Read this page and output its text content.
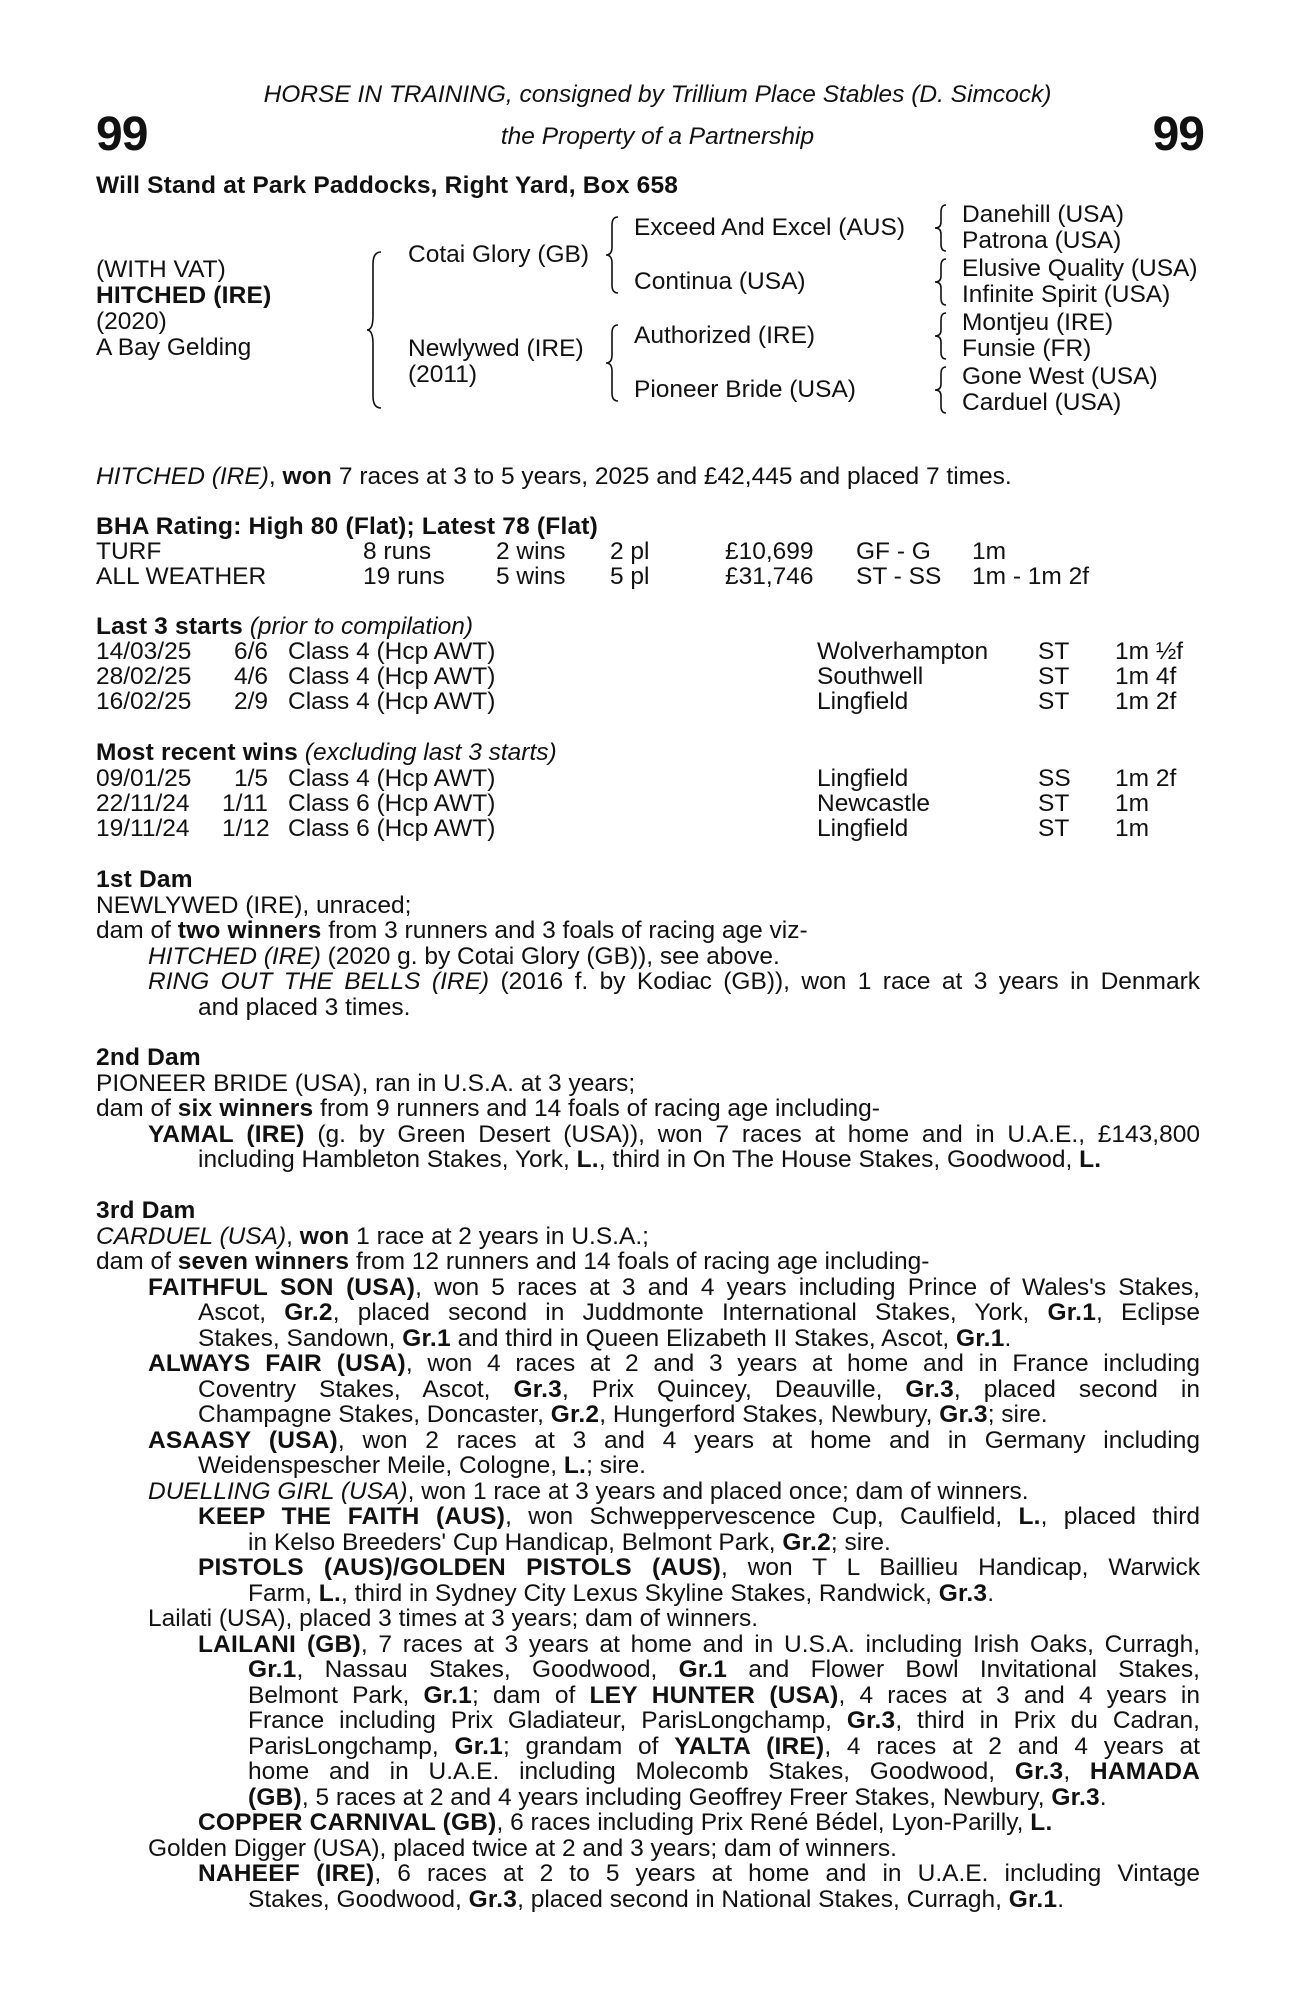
99	99
HORSE IN TRAINING, consigned by Trillium Place Stables (D. Simcock)
the Property of a Partnership
Will Stand at Park Paddocks, Right Yard, Box 658
(WITH VAT)
HITCHED (IRE)
(2020)
A Bay Gelding
Cotai Glory (GB)
Newlywed (IRE)
(2011)
Exceed And Excel (AUS)
Continua (USA)
Authorized (IRE)
Pioneer Bride (USA)
Danehill (USA)
Patrona (USA)
Elusive Quality (USA)
Infinite Spirit (USA)
Montjeu (IRE)
Funsie (FR)
Gone West (USA)
Carduel (USA)
HITCHED (IRE), won 7 races at 3 to 5 years, 2025 and £42,445 and placed 7 times.
BHA Rating: High 80 (Flat); Latest 78 (Flat)
TURF	8 runs	2 wins 2 pl	£10,699 GF - G 1m
ALL WEATHER	19 runs 5 wins 5 pl	£31,746 ST - SS 1m - 1m 2f
Last 3 starts (prior to compilation)
14/03/25 6/6 Class 4 (Hcp AWT)	Wolverhampton ST 1m ½f
28/02/25 4/6 Class 4 (Hcp AWT)	Southwell	ST 1m 4f
16/02/25 2/9 Class 4 (Hcp AWT)	Lingfield	ST 1m 2f
Most recent wins (excluding last 3 starts)
09/01/25 1/5 Class 4 (Hcp AWT)	Lingfield	SS 1m 2f
22/11/24 1/11 Class 6 (Hcp AWT)	Newcastle	ST 1m
19/11/24 1/12 Class 6 (Hcp AWT)	Lingfield	ST 1m
1st Dam
NEWLYWED (IRE), unraced;
dam of two winners from 3 runners and 3 foals of racing age viz-
HITCHED (IRE) (2020 g. by Cotai Glory (GB)), see above.
RING OUT THE BELLS (IRE) (2016 f. by Kodiac (GB)), won 1 race at 3 years in Denmark
and placed 3 times.
2nd Dam
PIONEER BRIDE (USA), ran in U.S.A. at 3 years;
dam of six winners from 9 runners and 14 foals of racing age including-
YAMAL (IRE) (g. by Green Desert (USA)), won 7 races at home and in U.A.E., £143,800
including Hambleton Stakes, York, L., third in On The House Stakes, Goodwood, L.
3rd Dam
CARDUEL (USA), won 1 race at 2 years in U.S.A.;
dam of seven winners from 12 runners and 14 foals of racing age including-
FAITHFUL SON (USA), won 5 races at 3 and 4 years including Prince of Wales's Stakes,
Ascot, Gr.2, placed second in Juddmonte International Stakes, York, Gr.1, Eclipse
Stakes, Sandown, Gr.1 and third in Queen Elizabeth II Stakes, Ascot, Gr.1.
ALWAYS FAIR (USA), won 4 races at 2 and 3 years at home and in France including
Coventry Stakes, Ascot, Gr.3, Prix Quincey, Deauville, Gr.3, placed second in
Champagne Stakes, Doncaster, Gr.2, Hungerford Stakes, Newbury, Gr.3; sire.
ASAASY (USA), won 2 races at 3 and 4 years at home and in Germany including
Weidenspescher Meile, Cologne, L.; sire.
DUELLING GIRL (USA), won 1 race at 3 years and placed once; dam of winners.
KEEP THE FAITH (AUS), won Schweppervescence Cup, Caulfield, L., placed third
in Kelso Breeders' Cup Handicap, Belmont Park, Gr.2; sire.
PISTOLS (AUS)/GOLDEN PISTOLS (AUS), won T L Baillieu Handicap, Warwick
Farm, L., third in Sydney City Lexus Skyline Stakes, Randwick, Gr.3.
Lailati (USA), placed 3 times at 3 years; dam of winners.
LAILANI (GB), 7 races at 3 years at home and in U.S.A. including Irish Oaks, Curragh,
Gr.1, Nassau Stakes, Goodwood, Gr.1 and Flower Bowl Invitational Stakes,
Belmont Park, Gr.1; dam of LEY HUNTER (USA), 4 races at 3 and 4 years in
France including Prix Gladiateur, ParisLongchamp, Gr.3, third in Prix du Cadran,
ParisLongchamp, Gr.1; grandam of YALTA (IRE), 4 races at 2 and 4 years at
home and in U.A.E. including Molecomb Stakes, Goodwood, Gr.3, HAMADA
(GB), 5 races at 2 and 4 years including Geoffrey Freer Stakes, Newbury, Gr.3.
COPPER CARNIVAL (GB), 6 races including Prix René Bédel, Lyon-Parilly, L.
Golden Digger (USA), placed twice at 2 and 3 years; dam of winners.
NAHEEF (IRE), 6 races at 2 to 5 years at home and in U.A.E. including Vintage
Stakes, Goodwood, Gr.3, placed second in National Stakes, Curragh, Gr.1.
